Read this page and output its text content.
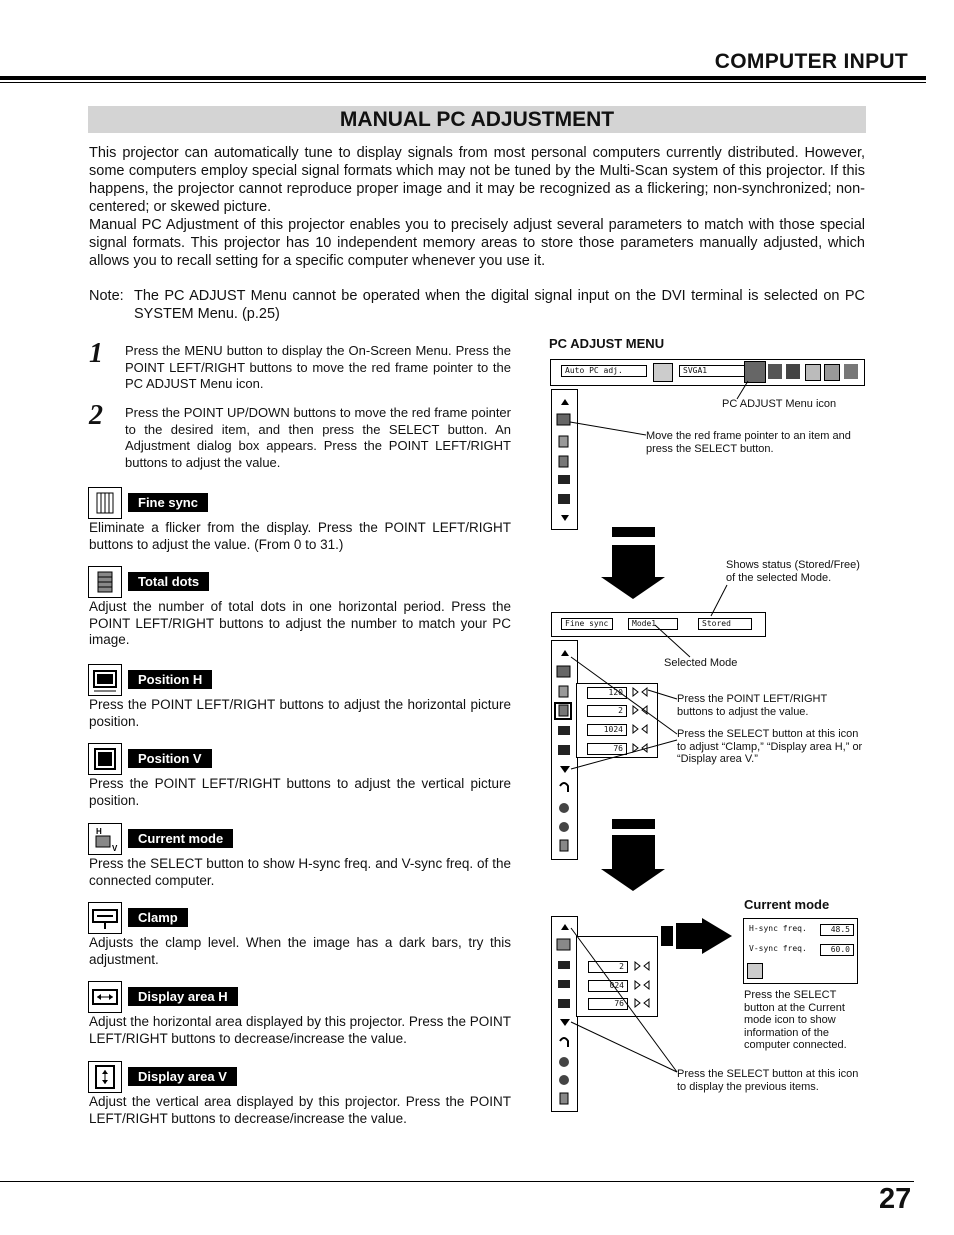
COMPUTER INPUT
MANUAL PC ADJUSTMENT
This projector can automatically tune to display signals from most personal computers currently distributed. However, some computers employ special signal formats which may not be tuned by the Multi-Scan system of this projector. If this happens, the projector cannot reproduce proper image and it may be recognized as a flickering; non-synchronized; non-centered; or skewed picture.
Manual PC Adjustment of this projector enables you to precisely adjust several parameters to match with those special signal formats. This projector has 10 independent memory areas to store those parameters manually adjusted, which allows you to recall setting for a specific computer whenever you use it.
Note: The PC ADJUST Menu cannot be operated when the digital signal input on the DVI terminal is selected on PC SYSTEM Menu. (p.25)
1 Press the MENU button to display the On-Screen Menu. Press the POINT LEFT/RIGHT buttons to move the red frame pointer to the PC ADJUST Menu icon.
2 Press the POINT UP/DOWN buttons to move the red frame pointer to the desired item, and then press the SELECT button. An Adjustment dialog box appears. Press the POINT LEFT/RIGHT buttons to adjust the value.
Fine sync
Eliminate a flicker from the display. Press the POINT LEFT/RIGHT buttons to adjust the value. (From 0 to 31.)
Total dots
Adjust the number of total dots in one horizontal period. Press the POINT LEFT/RIGHT buttons to adjust the number to match your PC image.
Position H
Press the POINT LEFT/RIGHT buttons to adjust the horizontal picture position.
Position V
Press the POINT LEFT/RIGHT buttons to adjust the vertical picture position.
H
V
Current mode
Press the SELECT button to show H-sync freq. and V-sync freq. of the connected computer.
Clamp
Adjusts the clamp level. When the image has a dark bars, try this adjustment.
Display area H
Adjust the horizontal area displayed by this projector. Press the POINT LEFT/RIGHT buttons to decrease/increase the value.
Display area V
Adjust the vertical area displayed by this projector. Press the POINT LEFT/RIGHT buttons to decrease/increase the value.
PC ADJUST MENU
Auto PC adj.	SVGA1
PC ADJUST Menu icon
Move the red frame pointer to an item and press the SELECT button.
Shows status (Stored/Free) of the selected Mode.
Fine sync	Mode1	Stored
Selected Mode
120
2
1024
76
Press the POINT LEFT/RIGHT buttons to adjust the value.
Press the SELECT button at this icon to adjust “Clamp,” “Display area H,” or “Display area V.”
Current mode
H-sync freq.	48.5
V-sync freq.	60.0
Press the SELECT button at the Current mode icon to show information of the computer connected.
2
024
76
Press the SELECT button at this icon to display the previous items.
27
